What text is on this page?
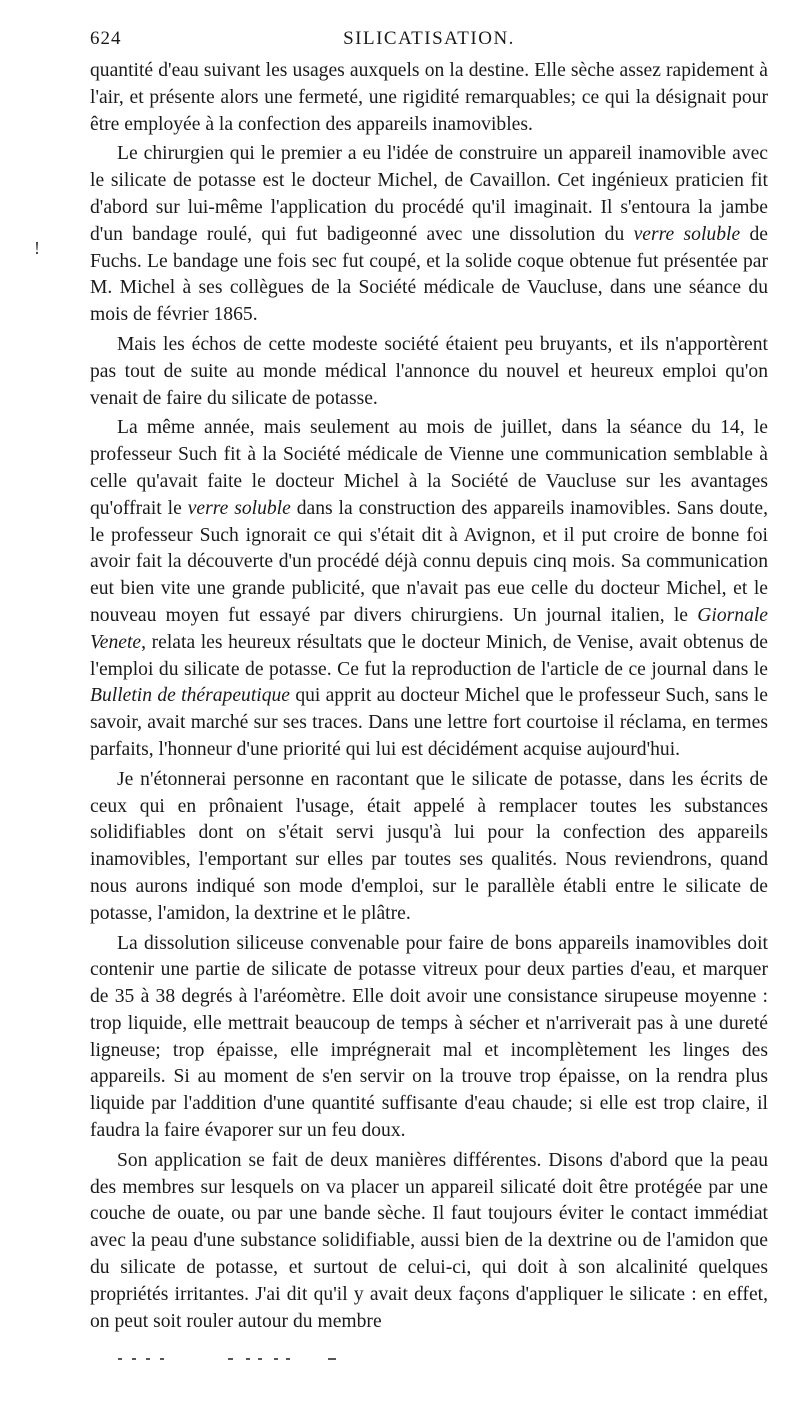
624	SILICATISATION.

quantité d'eau suivant les usages auxquels on la destine. Elle sèche assez rapidement à l'air, et présente alors une fermeté, une rigidité remarquables; ce qui la désignait pour être employée à la confection des appareils inamovibles.

Le chirurgien qui le premier a eu l'idée de construire un appareil inamovible avec le silicate de potasse est le docteur Michel, de Cavaillon. Cet ingénieux praticien fit d'abord sur lui-même l'application du procédé qu'il imaginait. Il s'entoura la jambe d'un bandage roulé, qui fut badigeonné avec une dissolution du verre soluble de Fuchs. Le bandage une fois sec fut coupé, et la solide coque obtenue fut présentée par M. Michel à ses collègues de la Société médicale de Vaucluse, dans une séance du mois de février 1865.

Mais les échos de cette modeste société étaient peu bruyants, et ils n'apportèrent pas tout de suite au monde médical l'annonce du nouvel et heureux emploi qu'on venait de faire du silicate de potasse.

La même année, mais seulement au mois de juillet, dans la séance du 14, le professeur Such fit à la Société médicale de Vienne une communication semblable à celle qu'avait faite le docteur Michel à la Société de Vaucluse sur les avantages qu'offrait le verre soluble dans la construction des appareils inamovibles. Sans doute, le professeur Such ignorait ce qui s'était dit à Avignon, et il put croire de bonne foi avoir fait la découverte d'un procédé déjà connu depuis cinq mois. Sa communication eut bien vite une grande publicité, que n'avait pas eue celle du docteur Michel, et le nouveau moyen fut essayé par divers chirurgiens. Un journal italien, le Giornale Venete, relata les heureux résultats que le docteur Minich, de Venise, avait obtenus de l'emploi du silicate de potasse. Ce fut la reproduction de l'article de ce journal dans le Bulletin de thérapeutique qui apprit au docteur Michel que le professeur Such, sans le savoir, avait marché sur ses traces. Dans une lettre fort courtoise il réclama, en termes parfaits, l'honneur d'une priorité qui lui est décidément acquise aujourd'hui.

Je n'étonnerai personne en racontant que le silicate de potasse, dans les écrits de ceux qui en prônaient l'usage, était appelé à remplacer toutes les substances solidifiables dont on s'était servi jusqu'à lui pour la confection des appareils inamovibles, l'emportant sur elles par toutes ses qualités. Nous reviendrons, quand nous aurons indiqué son mode d'emploi, sur le parallèle établi entre le silicate de potasse, l'amidon, la dextrine et le plâtre.

La dissolution siliceuse convenable pour faire de bons appareils inamovibles doit contenir une partie de silicate de potasse vitreux pour deux parties d'eau, et marquer de 35 à 38 degrés à l'aréomètre. Elle doit avoir une consistance sirupeuse moyenne : trop liquide, elle mettrait beaucoup de temps à sécher et n'arriverait pas à une dureté ligneuse; trop épaisse, elle imprégnerait mal et incomplètement les linges des appareils. Si au moment de s'en servir on la trouve trop épaisse, on la rendra plus liquide par l'addition d'une quantité suffisante d'eau chaude; si elle est trop claire, il faudra la faire évaporer sur un feu doux.

Son application se fait de deux manières différentes. Disons d'abord que la peau des membres sur lesquels on va placer un appareil silicaté doit être protégée par une couche de ouate, ou par une bande sèche. Il faut toujours éviter le contact immédiat avec la peau d'une substance solidifiable, aussi bien de la dextrine ou de l'amidon que du silicate de potasse, et surtout de celui-ci, qui doit à son alcalinité quelques propriétés irritantes. J'ai dit qu'il y avait deux façons d'appliquer le silicate : en effet, on peut soit rouler autour du membre

!
